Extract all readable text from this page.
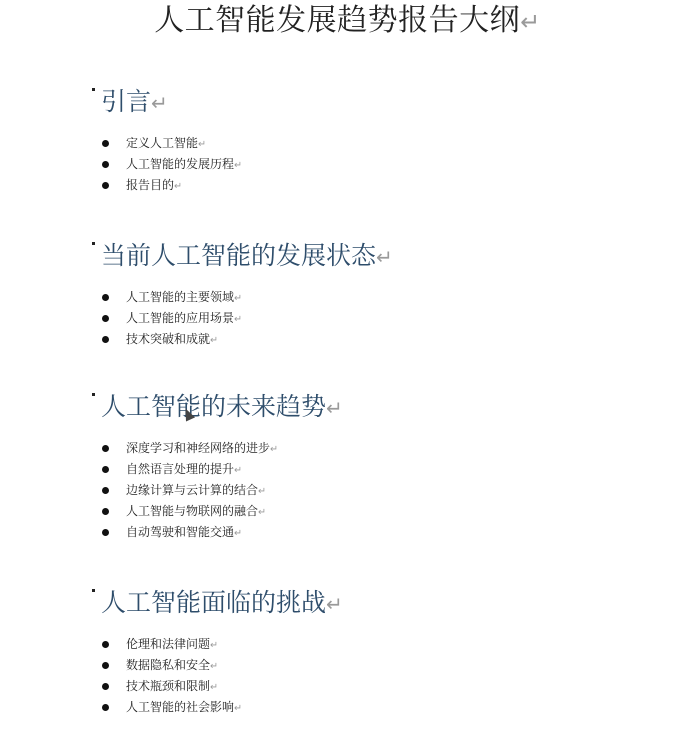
人工智能发展趋势报告大纲↵
引言↵
定义人工智能↵
人工智能的发展历程↵
报告目的↵
当前人工智能的发展状态↵
人工智能的主要领域↵
人工智能的应用场景↵
技术突破和成就↵
人工智能的未来趋势↵
深度学习和神经网络的进步↵
自然语言处理的提升↵
边缘计算与云计算的结合↵
人工智能与物联网的融合↵
自动驾驶和智能交通↵
人工智能面临的挑战↵
伦理和法律问题↵
数据隐私和安全↵
技术瓶颈和限制↵
人工智能的社会影响↵
